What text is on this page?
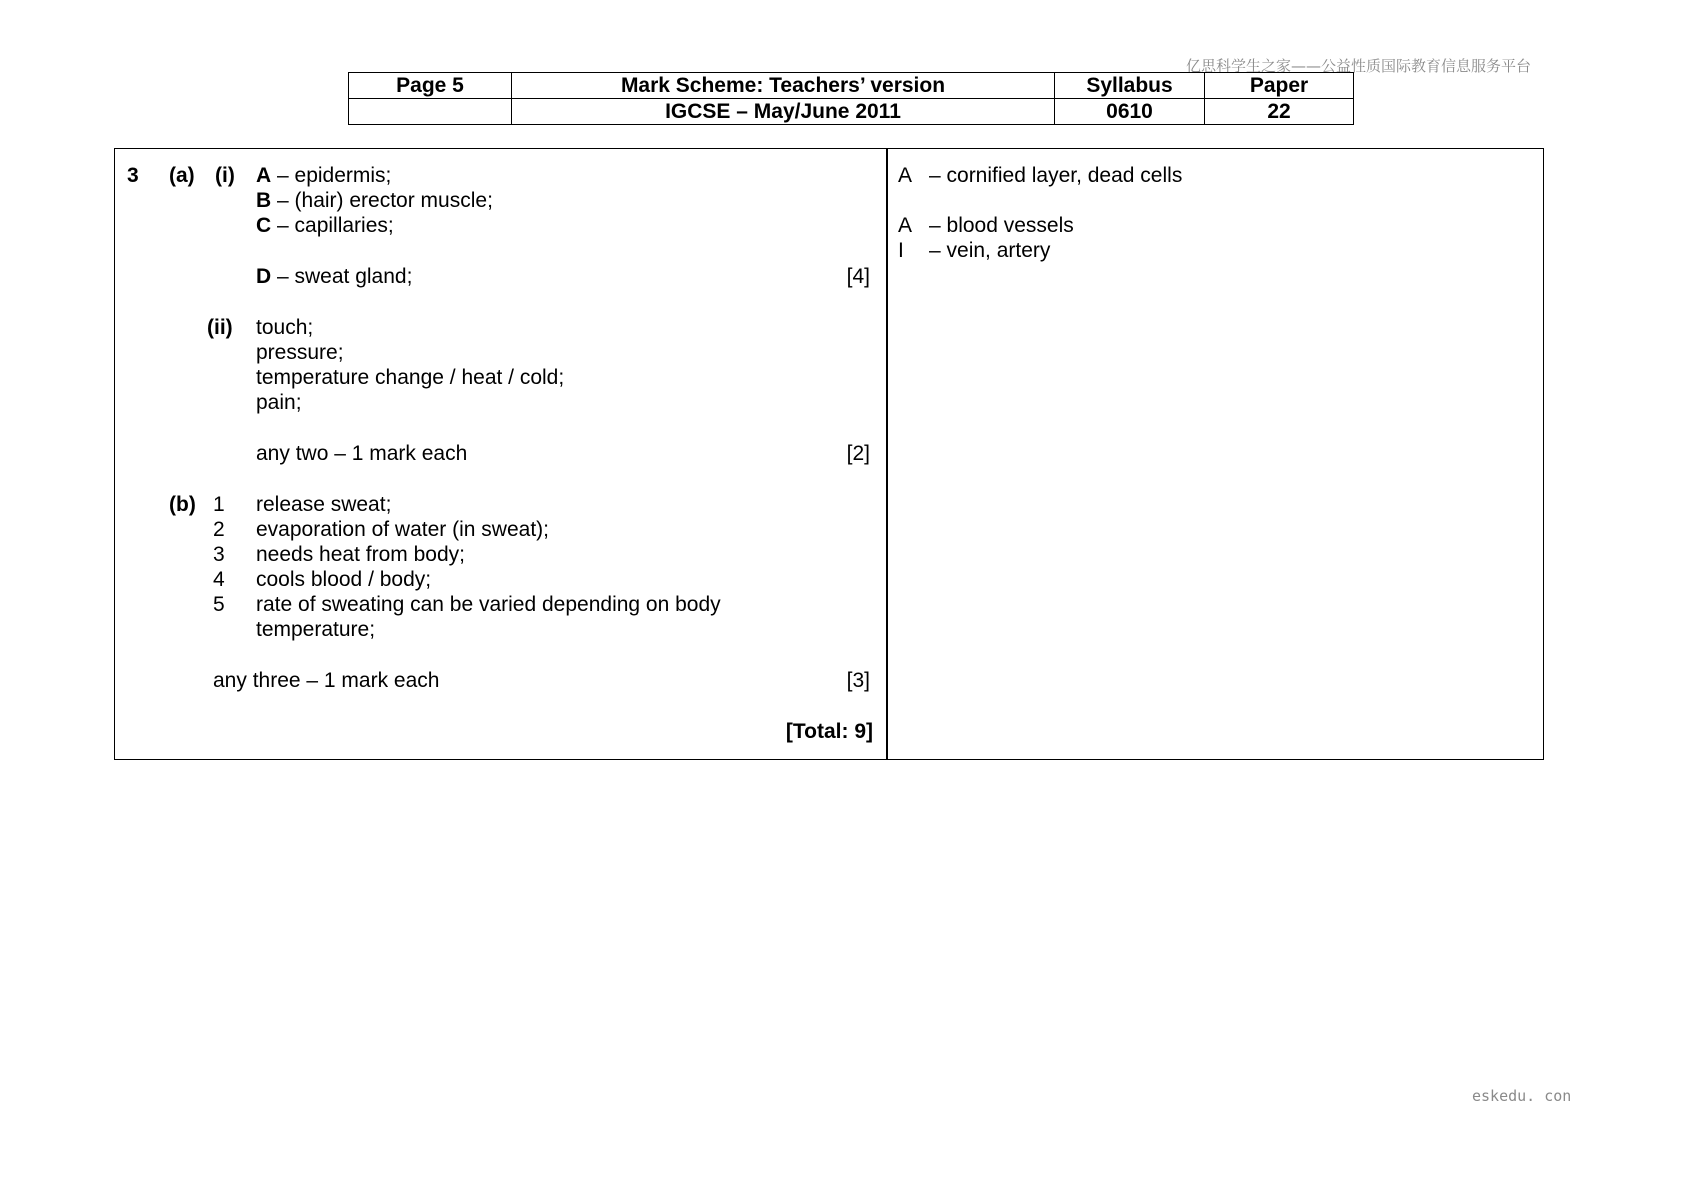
亿思科学生之家——公益性质国际教育信息服务平台
Page 5	Mark Scheme: Teachers’ version	Syllabus	Paper
	IGCSE – May/June 2011	0610	22
3 (a) (i) A – epidermis;
B – (hair) erector muscle;
C – capillaries;
D – sweat gland;	[4]
(ii) touch;
pressure;
temperature change / heat / cold;
pain;
any two – 1 mark each	[2]
(b) 1 release sweat;
2 evaporation of water (in sweat);
3 needs heat from body;
4 cools blood / body;
5 rate of sweating can be varied depending on body
temperature;
any three – 1 mark each	[3]
[Total: 9]
A – cornified layer, dead cells
A – blood vessels
I – vein, artery
eskedu. con
